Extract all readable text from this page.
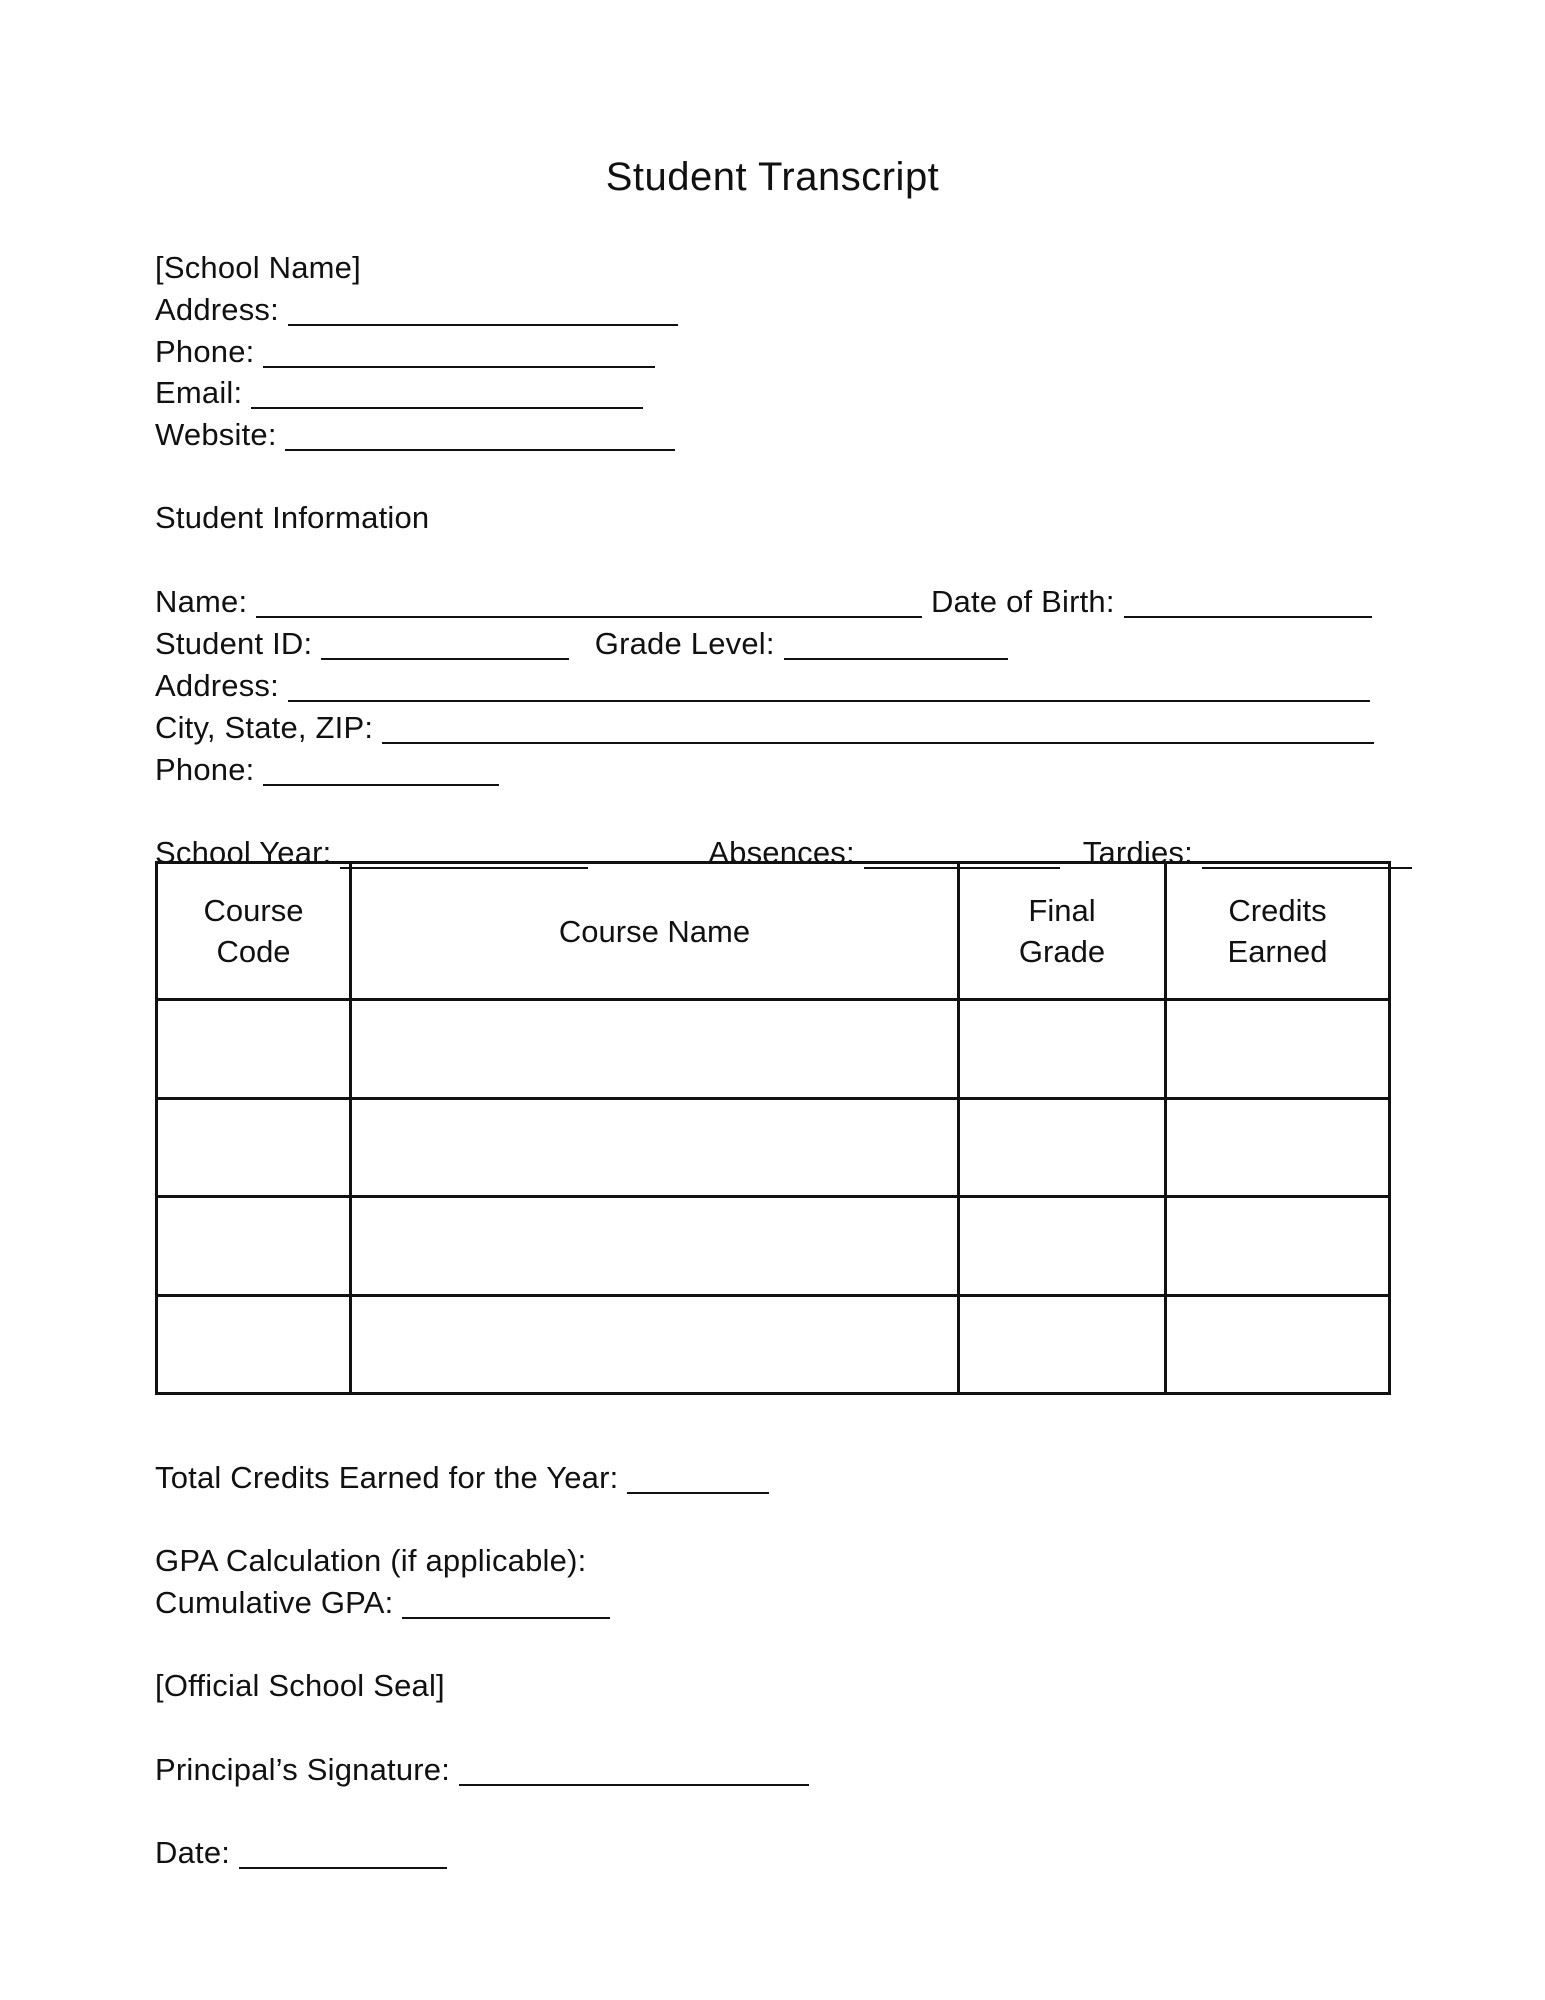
Student Transcript
[School Name]
Address:
Phone:
Email:
Website:
Student Information
Name:	Date of Birth:
Student ID:	Grade Level:
Address:
City, State, ZIP:
Phone:
School Year:	Absences:	Tardies:
Course Code	Course Name	Final Grade	Credits Earned

Total Credits Earned for the Year:
GPA Calculation (if applicable):
Cumulative GPA:
[Official School Seal]
Principal’s Signature:
Date:
